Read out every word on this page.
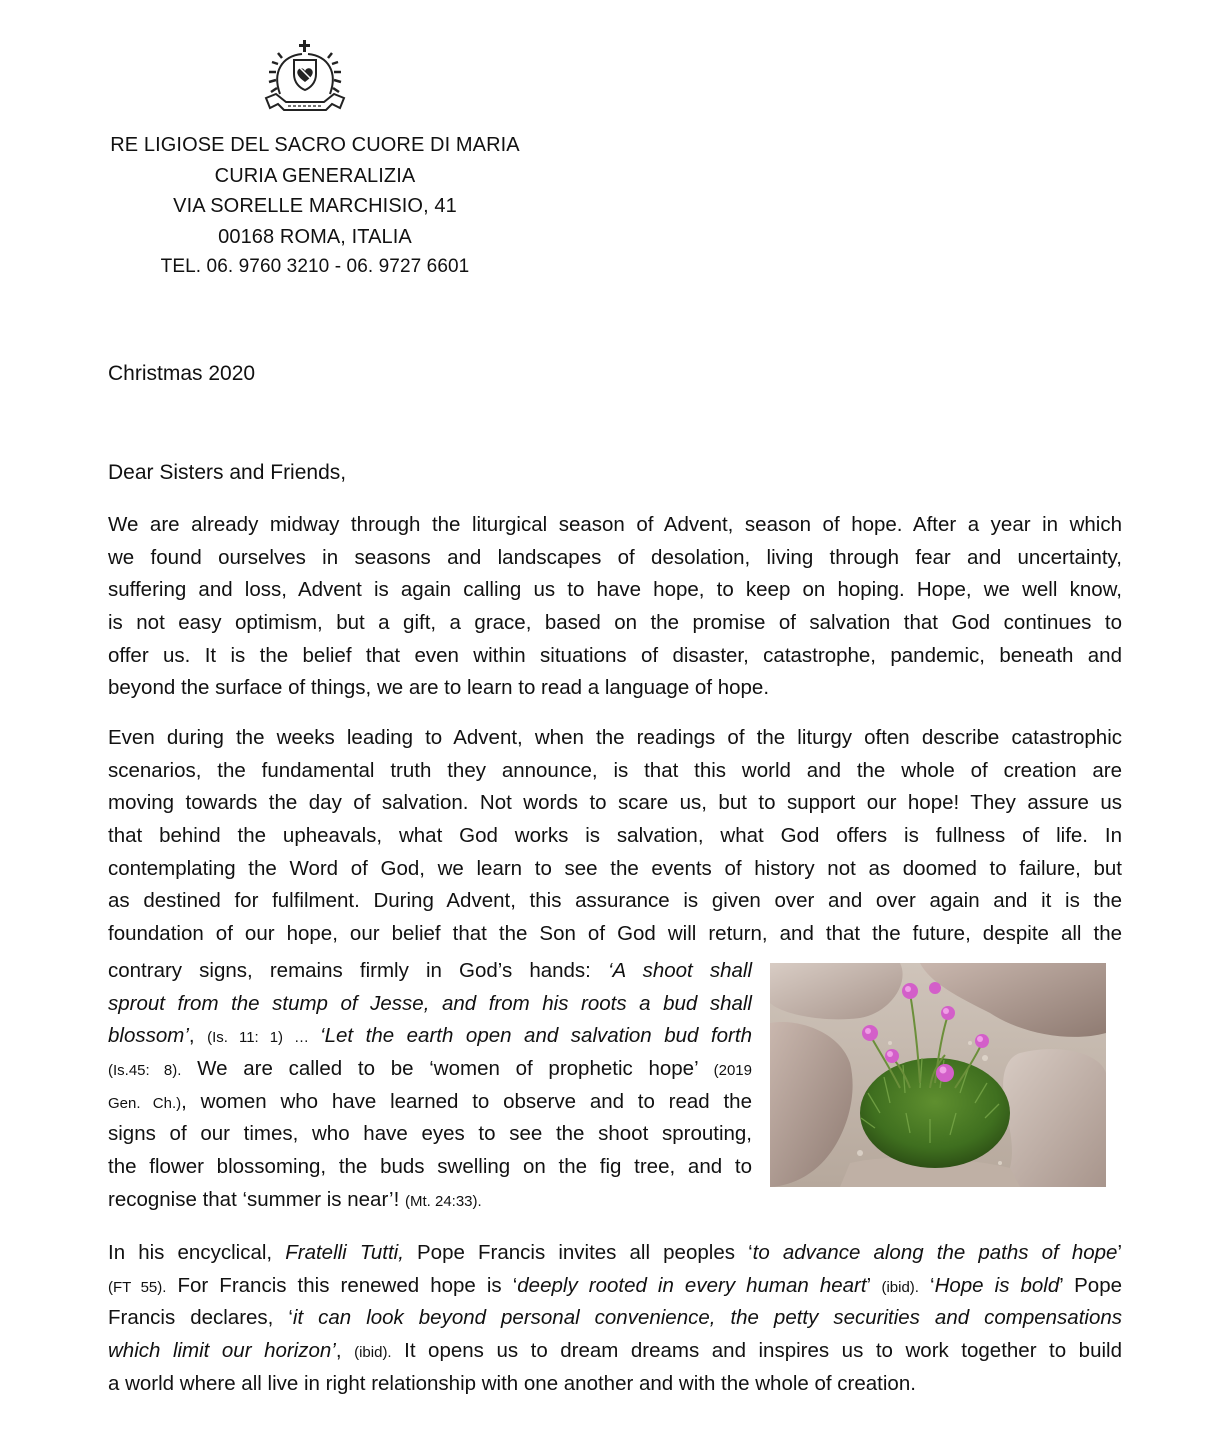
RE LIGIOSE DEL SACRO CUORE DI MARIA
CURIA GENERALIZIA
VIA SORELLE MARCHISIO, 41
00168 ROMA, ITALIA
TEL. 06. 9760 3210 - 06. 9727 6601
Christmas 2020
Dear Sisters and Friends,
We are already midway through the liturgical season of Advent, season of hope. After a year in which
we found ourselves in seasons and landscapes of desolation, living through fear and uncertainty,
suffering and loss, Advent is again calling us to have hope, to keep on hoping. Hope, we well know,
is not easy optimism, but a gift, a grace, based on the promise of salvation that God continues to
offer us. It is the belief that even within situations of disaster, catastrophe, pandemic, beneath and
beyond the surface of things, we are to learn to read a language of hope.
Even during the weeks leading to Advent, when the readings of the liturgy often describe catastrophic
scenarios, the fundamental truth they announce, is that this world and the whole of creation are
moving towards the day of salvation. Not words to scare us, but to support our hope! They assure us
that behind the upheavals, what God works is salvation, what God offers is fullness of life. In
contemplating the Word of God, we learn to see the events of history not as doomed to failure, but
as destined for fulfilment. During Advent, this assurance is given over and over again and it is the
foundation of our hope, our belief that the Son of God will return, and that the future, despite all the
contrary signs, remains firmly in God’s hands: ‘A shoot shall
sprout from the stump of Jesse, and from his roots a bud shall
blossom’, (Is. 11: 1) … ‘Let the earth open and salvation bud forth
(Is.45: 8). We are called to be ‘women of prophetic hope’ (2019
Gen. Ch.), women who have learned to observe and to read the
signs of our times, who have eyes to see the shoot sprouting,
the flower blossoming, the buds swelling on the fig tree, and to
recognise that ‘summer is near’! (Mt. 24:33).
In his encyclical, Fratelli Tutti, Pope Francis invites all peoples ‘to advance along the paths of hope’
(FT 55). For Francis this renewed hope is ‘deeply rooted in every human heart’ (ibid). ‘Hope is bold’ Pope
Francis declares, ‘it can look beyond personal convenience, the petty securities and compensations
which limit our horizon’, (ibid). It opens us to dream dreams and inspires us to work together to build
a world where all live in right relationship with one another and with the whole of creation.
